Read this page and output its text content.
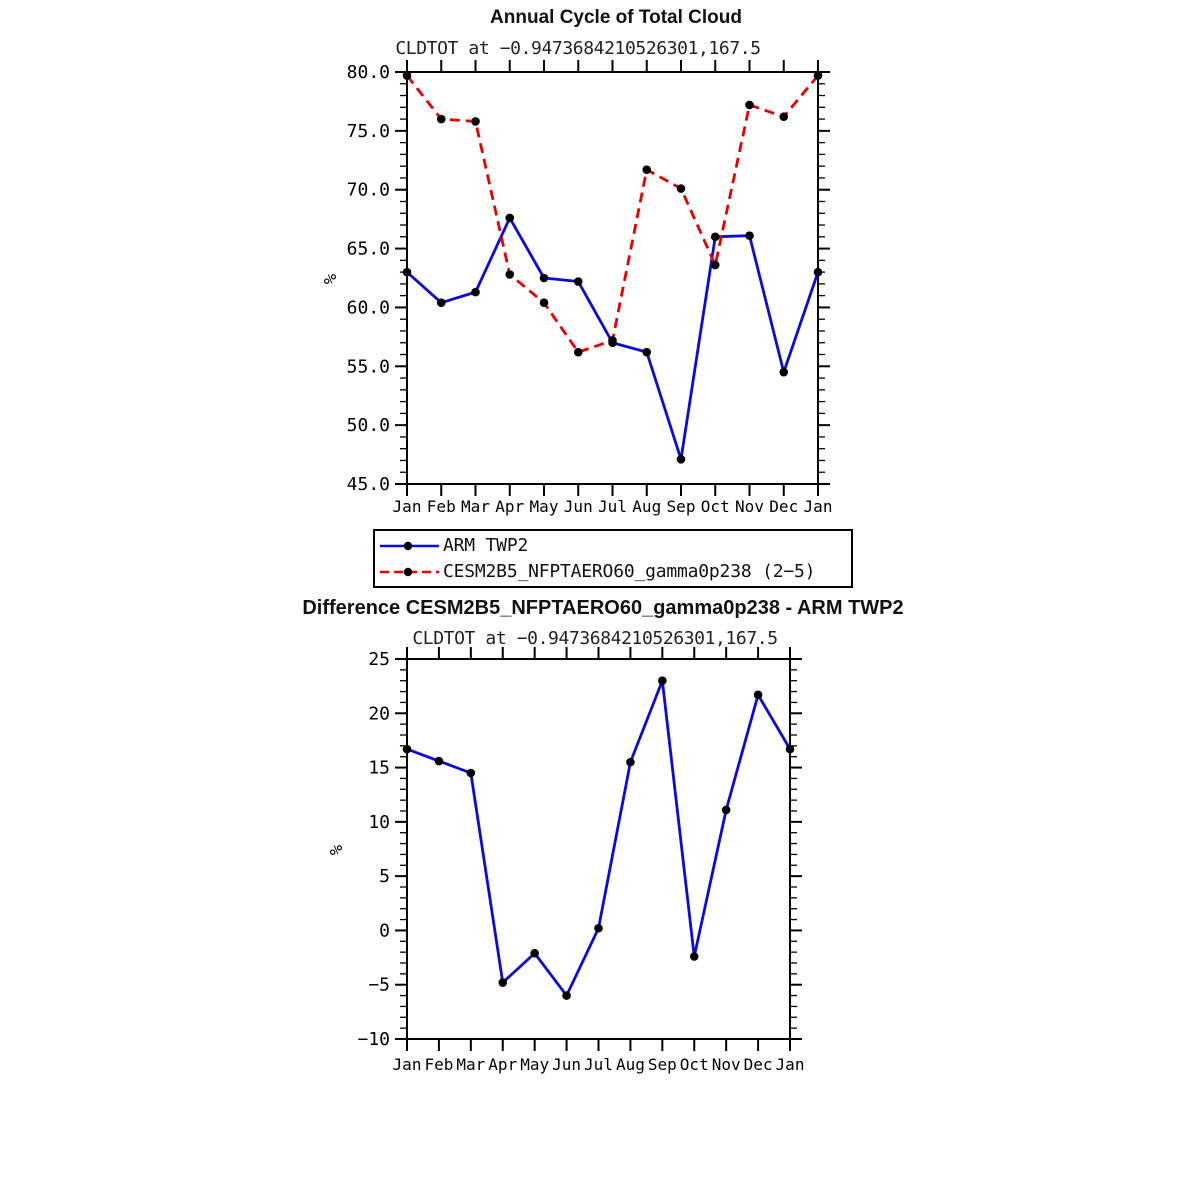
Annual Cycle of Total Cloud
CLDTOT at −0.9473684210526301,167.5
%
Jan Feb Mar Apr May Jun Jul Aug Sep Oct Nov Dec Jan
80.0
75.0
70.0
65.0
60.0
55.0
50.0
45.0
ARM TWP2
CESM2B5_NFPTAERO60_gamma0p238 (2−5)
Difference CESM2B5_NFPTAERO60_gamma0p238 - ARM TWP2
CLDTOT at −0.9473684210526301,167.5
%
Jan Feb Mar Apr May Jun Jul Aug Sep Oct Nov Dec Jan
25
20
15
10
5
0
−5
−10
